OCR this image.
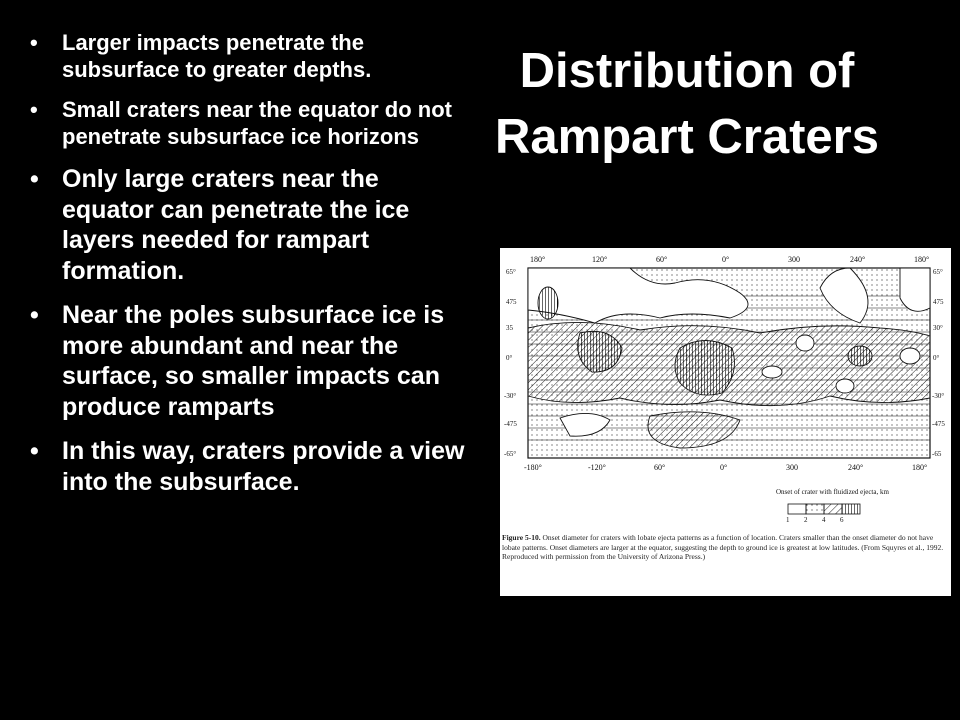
Distribution of Rampart Craters
• Larger impacts penetrate the subsurface to greater depths.
• Small craters near the equator do not penetrate subsurface ice horizons
• Only large craters near the equator can penetrate the ice layers needed for rampart formation.
• Near the poles subsurface ice is more abundant and near the surface, so smaller impacts can produce ramparts
• In this way, craters provide a view into the subsurface.
180°	120°	60°	0°	300	240°	180°
-180°	-120°	60°	0°	300	240°	180°
65°
475
35
0°
-30°
-475
-65°
65°
475
30°
0°
-30°
-475
-65
Onset of crater with fluidized ejecta, km
1 2 4 6
Figure 5-10. Onset diameter for craters with lobate ejecta patterns as a function of location. Craters smaller than the onset diameter do not have lobate patterns. Onset diameters are larger at the equator, suggesting the depth to ground ice is greatest at low latitudes. (From Squyres et al., 1992. Reproduced with permission from the University of Arizona Press.)
